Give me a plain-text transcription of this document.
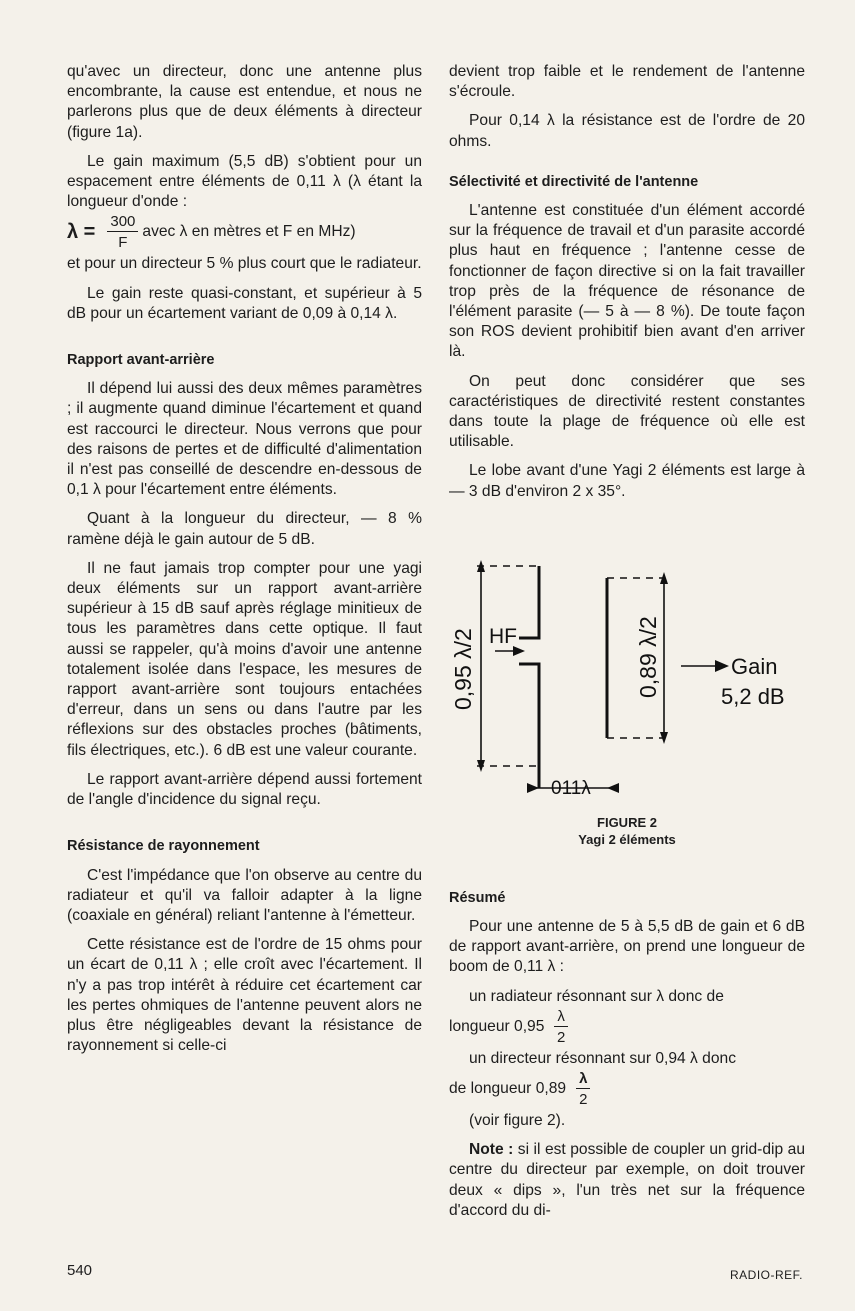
qu'avec un directeur, donc une antenne plus encombrante, la cause est entendue, et nous ne parlerons plus que de deux éléments à directeur (figure 1a).

Le gain maximum (5,5 dB) s'obtient pour un espacement entre éléments de 0,11 λ (λ étant la longueur d'onde :

$\lambda = \frac{300}{F}$ avec λ en mètres et F en MHz)

et pour un directeur 5 % plus court que le radiateur.

Le gain reste quasi-constant, et supérieur à 5 dB pour un écartement variant de 0,09 à 0,14 λ.

Rapport avant-arrière

Il dépend lui aussi des deux mêmes paramètres ; il augmente quand diminue l'écartement et quand est raccourci le directeur. Nous verrons que pour des raisons de pertes et de difficulté d'alimentation il n'est pas conseillé de descendre en-dessous de 0,1 λ pour l'écartement entre éléments.

Quant à la longueur du directeur, — 8 % ramène déjà le gain autour de 5 dB.

Il ne faut jamais trop compter pour une yagi deux éléments sur un rapport avant-arrière supérieur à 15 dB sauf après réglage minitieux de tous les paramètres dans cette optique. Il faut aussi se rappeler, qu'à moins d'avoir une antenne totalement isolée dans l'espace, les mesures de rapport avant-arrière sont toujours entachées d'erreur, dans un sens ou dans l'autre par les réflexions sur des obstacles proches (bâtiments, fils électriques, etc.). 6 dB est une valeur courante.

Le rapport avant-arrière dépend aussi fortement de l'angle d'incidence du signal reçu.

Résistance de rayonnement

C'est l'impédance que l'on observe au centre du radiateur et qu'il va falloir adapter à la ligne (coaxiale en général) reliant l'antenne à l'émetteur.

Cette résistance est de l'ordre de 15 ohms pour un écart de 0,11 λ ; elle croît avec l'écartement. Il n'y a pas trop intérêt à réduire cet écartement car les pertes ohmiques de l'antenne peuvent alors ne plus être négligeables devant la résistance de rayonnement si celle-ci

devient trop faible et le rendement de l'antenne s'écroule.

Pour 0,14 λ la résistance est de l'ordre de 20 ohms.

Sélectivité et directivité de l'antenne

L'antenne est constituée d'un élément accordé sur la fréquence de travail et d'un parasite accordé plus haut en fréquence ; l'antenne cesse de fonctionner de façon directive si on la fait travailler trop près de la fréquence de résonance de l'élément parasite (— 5 à — 8 %). De toute façon son ROS devient prohibitif bien avant d'en arriver là.

On peut donc considérer que ses caractéristiques de directivité restent constantes dans toute la plage de fréquence où elle est utilisable.

Le lobe avant d'une Yagi 2 éléments est large à — 3 dB d'environ 2 x 35°.

0,95 λ/2 HF	0,89 λ/2	Gain
5,2 dB
011λ
FIGURE 2
Yagi 2 éléments
Résumé

Pour une antenne de 5 à 5,5 dB de gain et 6 dB de rapport avant-arrière, on prend une longueur de boom de 0,11 λ :

un radiateur résonnant sur λ donc de

longueur $0,95 \frac{\lambda}{2}$

un directeur résonnant sur 0,94 λ donc

de longueur $0,89 \frac{\lambda}{2}$

(voir figure 2).

Note : si il est possible de coupler un grid-dip au centre du directeur par exemple, on doit trouver deux « dips », l'un très net sur la fréquence d'accord du di-

540	RADIO-REF.
